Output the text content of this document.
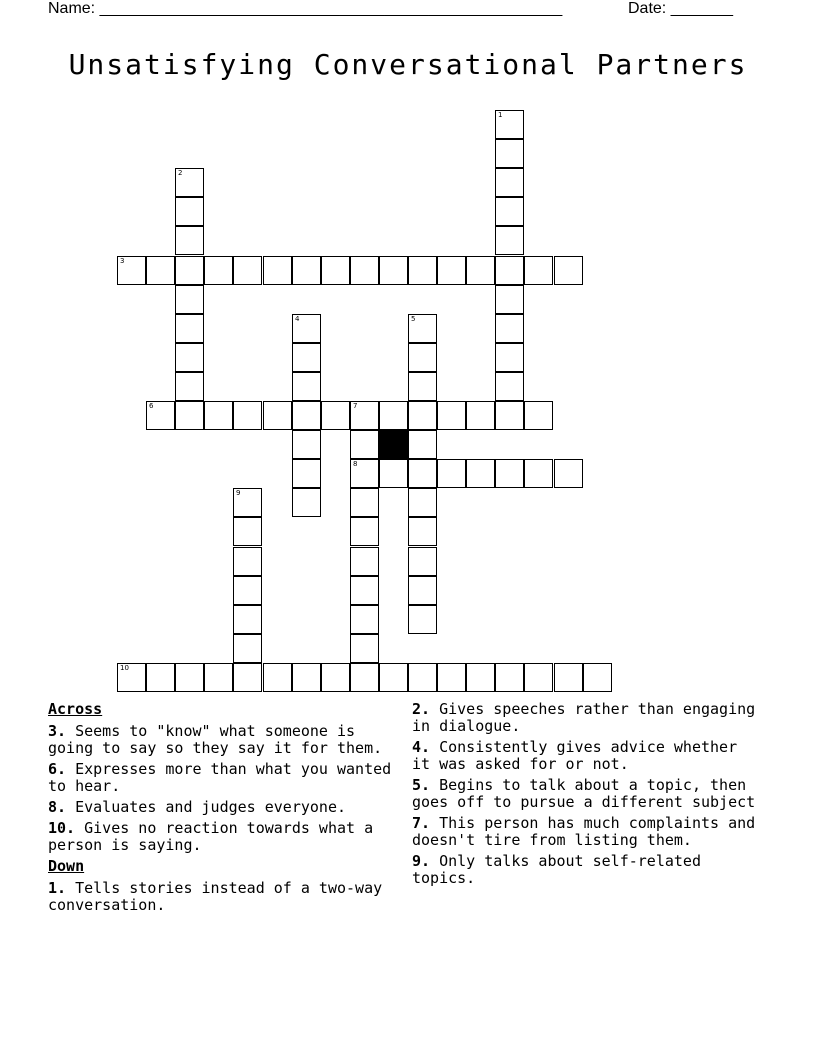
Name: ____________________________________________________	Date: _______
Unsatisfying Conversational Partners
1
2
3
4	5
6	7
8
9
10
Across
3. Seems to "know" what someone is going to say so they say it for them.
6. Expresses more than what you wanted to hear.
8. Evaluates and judges everyone.
10. Gives no reaction towards what a person is saying.
Down
1. Tells stories instead of a two-way conversation.
2. Gives speeches rather than engaging in dialogue.
4. Consistently gives advice whether it was asked for or not.
5. Begins to talk about a topic, then goes off to pursue a different subject
7. This person has much complaints and doesn't tire from listing them.
9. Only talks about self-related topics.
